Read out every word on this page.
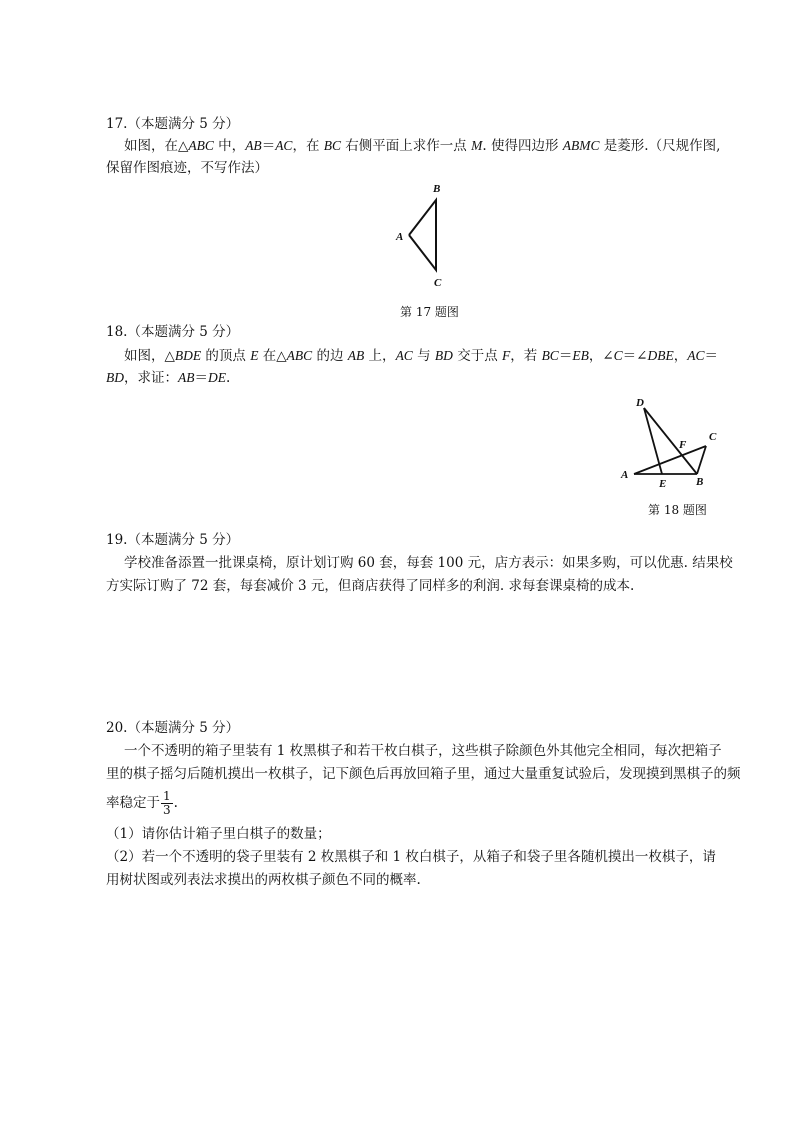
17.（本题满分 5 分）
如图，在△ABC 中，AB＝AC，在 BC 右侧平面上求作一点 M. 使得四边形 ABMC 是菱形.（尺规作图,
保留作图痕迹，不写作法）
B
A
C
第 17 题图
18.（本题满分 5 分）
如图，△BDE 的顶点 E 在△ABC 的边 AB 上，AC 与 BD 交于点 F，若 BC＝EB，∠C＝∠DBE，AC＝
BD，求证：AB＝DE.
D
C
F
A
E	B
第 18 题图
19.（本题满分 5 分）
学校准备添置一批课桌椅，原计划订购 60 套，每套 100 元，店方表示：如果多购，可以优惠. 结果校
方实际订购了 72 套，每套减价 3 元，但商店获得了同样多的利润. 求每套课桌椅的成本.
20.（本题满分 5 分）
一个不透明的箱子里装有 1 枚黑棋子和若干枚白棋子，这些棋子除颜色外其他完全相同，每次把箱子
里的棋子摇匀后随机摸出一枚棋子，记下颜色后再放回箱子里，通过大量重复试验后，发现摸到黑棋子的频
率稳定于 $\frac{1}{3}$ .
（1）请你估计箱子里白棋子的数量；
（2）若一个不透明的袋子里装有 2 枚黑棋子和 1 枚白棋子，从箱子和袋子里各随机摸出一枚棋子，请
用树状图或列表法求摸出的两枚棋子颜色不同的概率.
